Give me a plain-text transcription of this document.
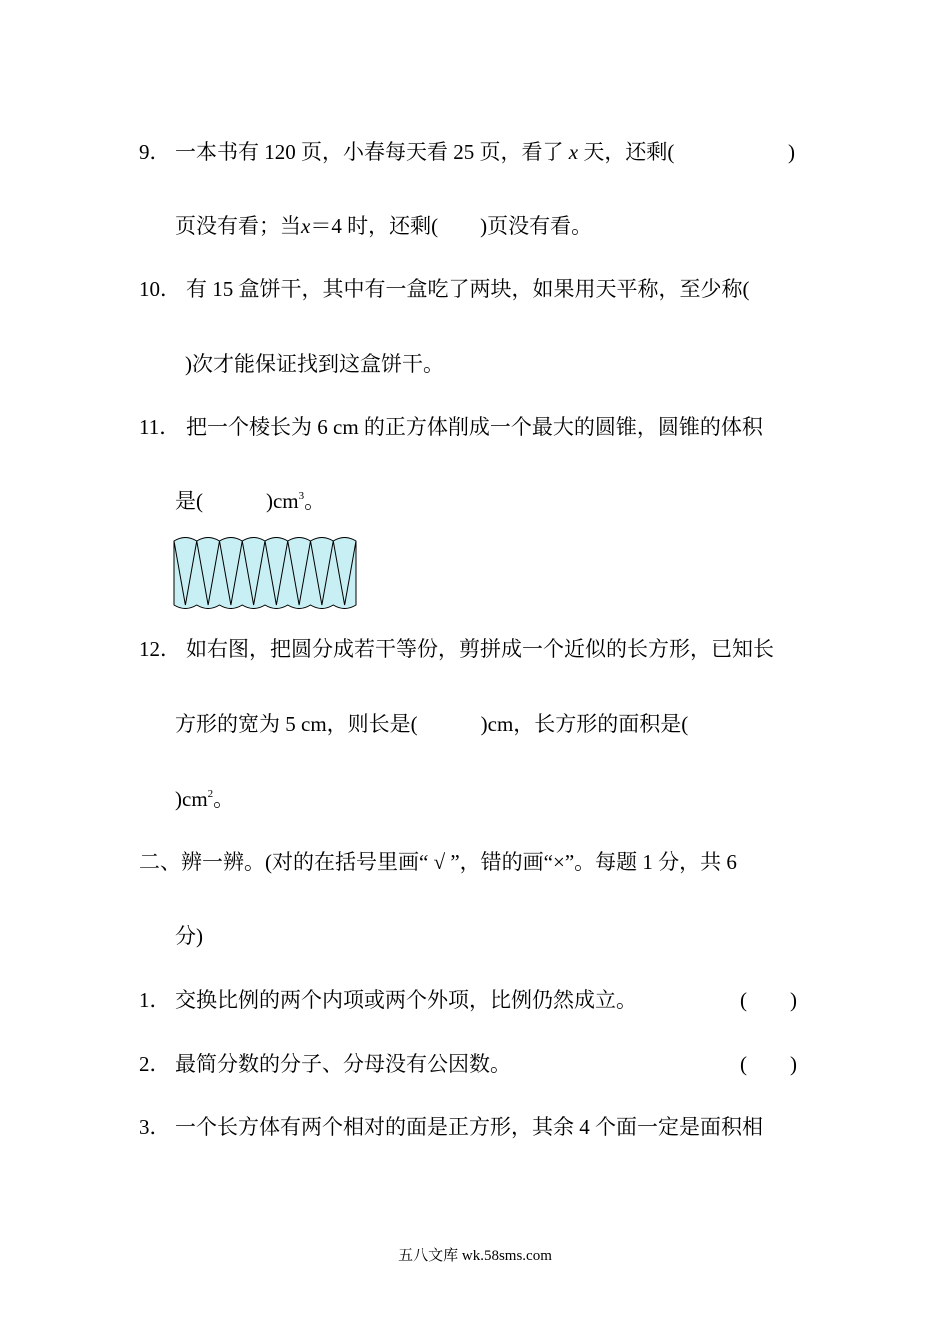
9． 一本书有 120 页，小春每天看 25 页，看了 x 天，还剩(	)
页没有看；当x＝4 时，还剩(　　)页没有看。
10． 有 15 盒饼干，其中有一盒吃了两块，如果用天平称，至少称(
)次才能保证找到这盒饼干。
11． 把一个棱长为 6 cm 的正方体削成一个最大的圆锥，圆锥的体积
是(　　　)$cm^3$。
12． 如右图，把圆分成若干等份，剪拼成一个近似的长方形，已知长
方形的宽为 5 cm，则长是(　　　)cm，长方形的面积是(
)$cm^2$。
二、辨一辨。(对的在括号里画“ √ ”，错的画“×”。每题 1 分，共 6
分)
1． 交换比例的两个内项或两个外项，比例仍然成立。	( )
2． 最简分数的分子、分母没有公因数。	( )
3． 一个长方体有两个相对的面是正方形，其余 4 个面一定是面积相
五八文库 wk.58sms.com
